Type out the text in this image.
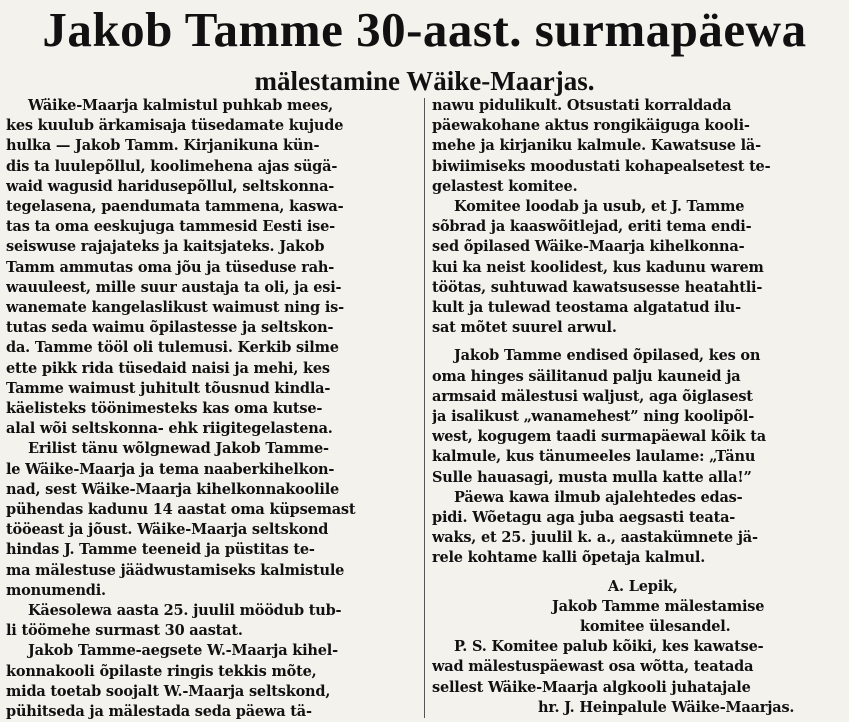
Jakob Tamme 30-aast. surmapäewa
mälestamine Wäike-Maarjas.
Wäike-Maarja kalmistul puhkab mees,
kes kuulub ärkamisaja tüsedamate kujude
hulka — Jakob Tamm. Kirjanikuna kün-
dis ta luulepõllul, koolimehena ajas sügä-
waid wagusid haridusepõllul, seltskonna-
tegelasena, paendumata tammena, kaswa-
tas ta oma eeskujuga tammesid Eesti ise-
seiswuse rajajateks ja kaitsjateks. Jakob
Tamm ammutas oma jõu ja tüseduse rah-
wauuleest, mille suur austaja ta oli, ja esi-
wanemate kangelaslikust waimust ning is-
tutas seda waimu õpilastesse ja seltskon-
da. Tamme tööl oli tulemusi. Kerkib silme
ette pikk rida tüsedaid naisi ja mehi, kes
Tamme waimust juhitult tõusnud kindla-
käelisteks töönimesteks kas oma kutse-
alal wõi seltskonna- ehk riigitegelastena.
Erilist tänu wõlgnewad Jakob Tamme-
le Wäike-Maarja ja tema naaberkihelkon-
nad, sest Wäike-Maarja kihelkonnakoolile
pühendas kadunu 14 aastat oma küpsemast
tööeast ja jõust. Wäike-Maarja seltskond
hindas J. Tamme teeneid ja püstitas te-
ma mälestuse jäädwustamiseks kalmistule
monumendi.
Käesolewa aasta 25. juulil möödub tub-
li töömehe surmast 30 aastat.
Jakob Tamme-aegsete W.-Maarja kihel-
konnakooli õpilaste ringis tekkis mõte,
mida toetab soojalt W.-Maarja seltskond,
pühitseda ja mälestada seda päewa tä-
nawu pidulikult. Otsustati korraldada
päewakohane aktus rongikäiguga kooli-
mehe ja kirjaniku kalmule. Kawatsuse lä-
biwiimiseks moodustati kohapealsetest te-
gelastest komitee.
Komitee loodab ja usub, et J. Tamme
sõbrad ja kaaswõitlejad, eriti tema endi-
sed õpilased Wäike-Maarja kihelkonna-
kui ka neist koolidest, kus kadunu warem
töötas, suhtuwad kawatsusesse heatahtli-
kult ja tulewad teostama algatatud ilu-
sat mõtet suurel arwul.
Jakob Tamme endised õpilased, kes on
oma hinges säilitanud palju kauneid ja
armsaid mälestusi waljust, aga õiglasest
ja isalikust „wanamehest” ning koolipõl-
west, kogugem taadi surmapäewal kõik ta
kalmule, kus tänumeeles laulame: „Tänu
Sulle hauasagi, musta mulla katte alla!”
Päewa kawa ilmub ajalehtedes edas-
pidi. Wõetagu aga juba aegsasti teata-
waks, et 25. juulil k. a., aastakümnete jä-
rele kohtame kalli õpetaja kalmul.
A. Lepik,
Jakob Tamme mälestamise
komitee ülesandel.
P. S. Komitee palub kõiki, kes kawatse-
wad mälestuspäewast osa wõtta, teatada
sellest Wäike-Maarja algkooli juhatajale
hr. J. Heinpalule Wäike-Maarjas.
